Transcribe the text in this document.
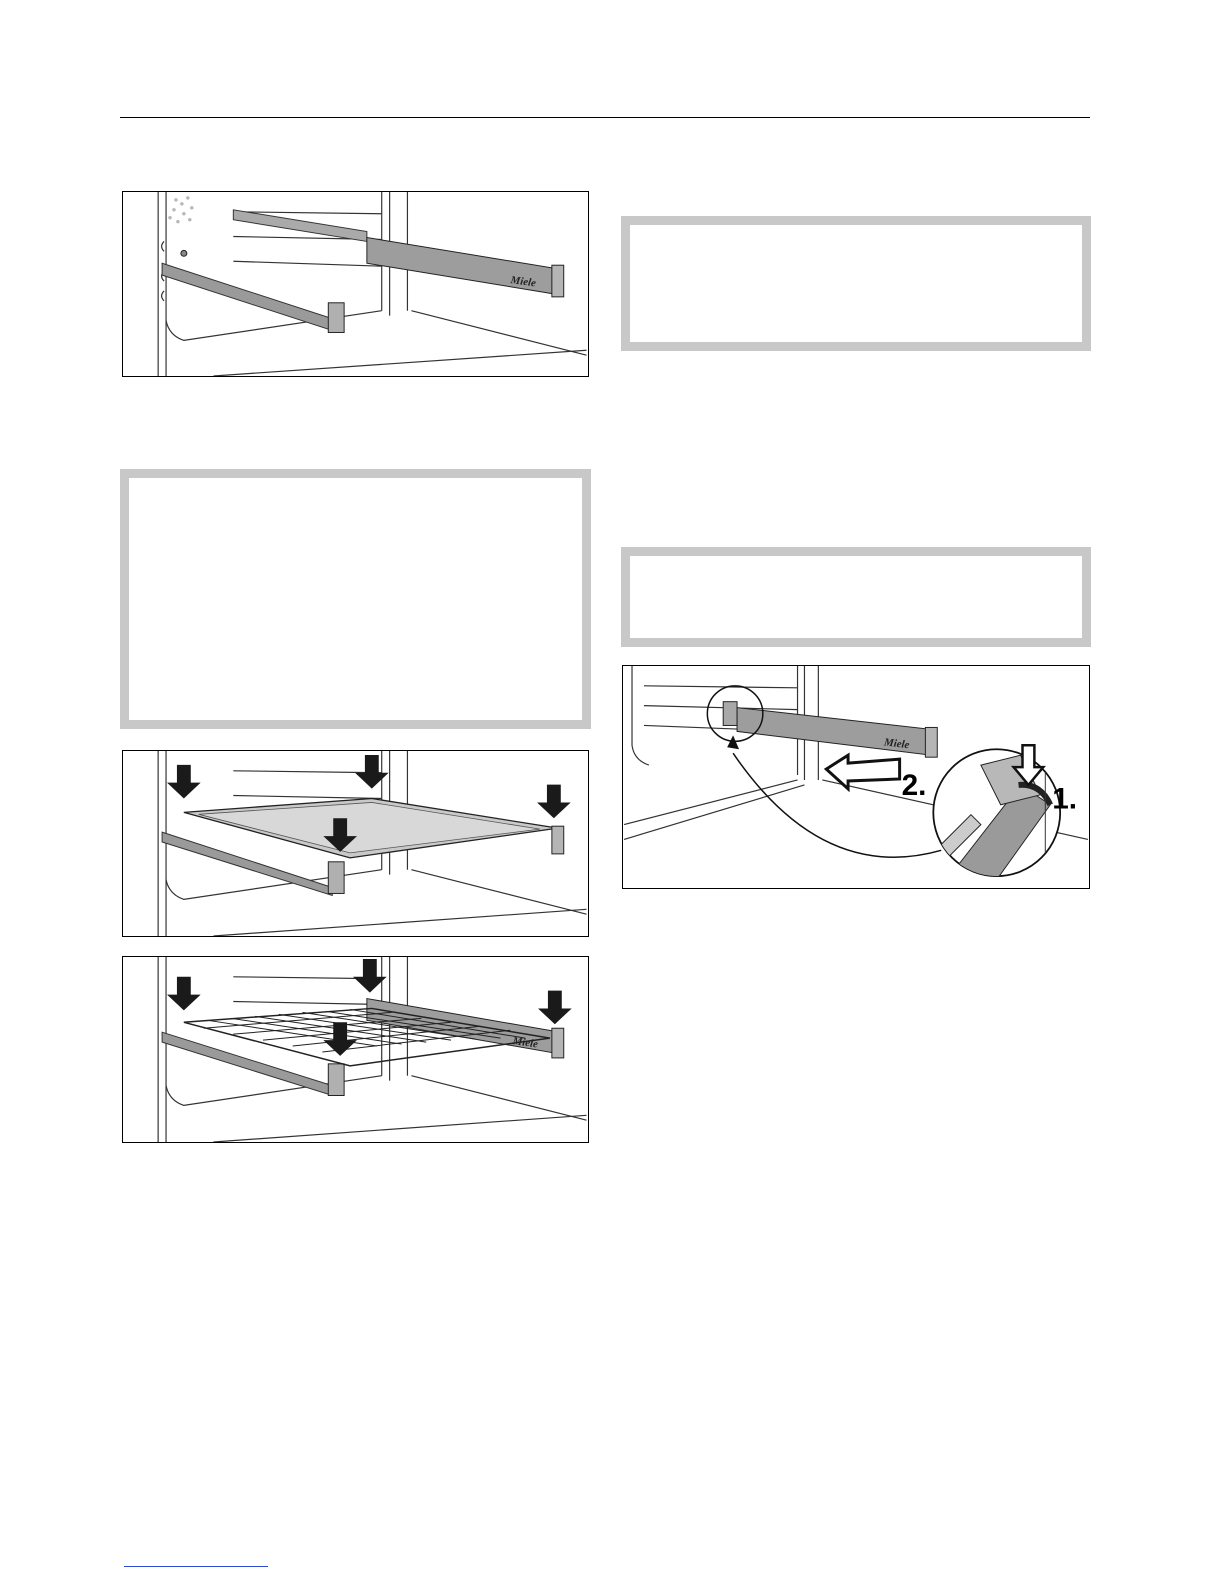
Miele
Miele
Miele
2.	1.
